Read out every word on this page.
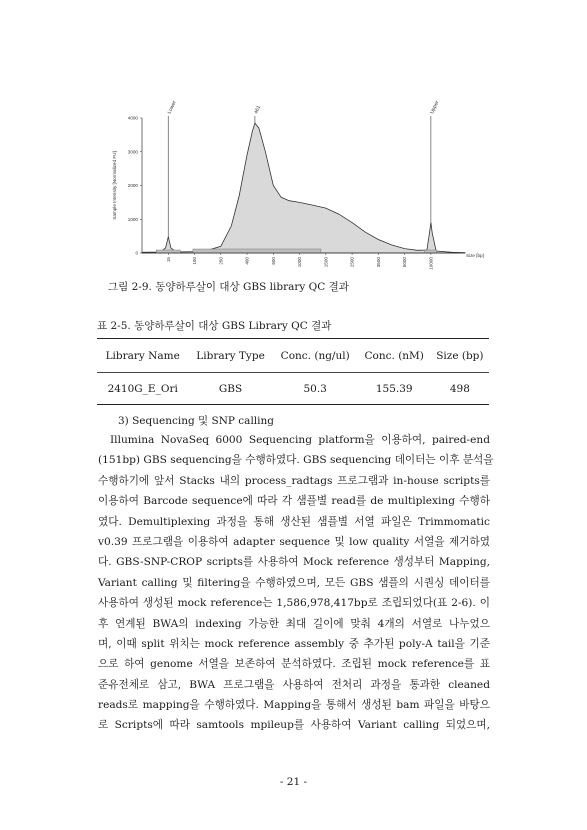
Lower	461	Upper
0
1000
2000
3000
4000
15	100	250	400	600	1000	1500	2500	3500	5000	10000
Sample Intensity [Normalized FU]
Size [bp]
그림 2-9. 동양하루살이 대상 GBS library QC 결과
표 2-5. 동양하루살이 대상 GBS Library QC 결과
Library Name	Library Type	Conc. (ng/ul)	Conc. (nM)	Size (bp)
2410G_E_Ori	GBS	50.3	155.39	498
3) Sequencing 및 SNP calling
Illumina NovaSeq 6000 Sequencing platform을 이용하여, paired-end
(151bp) GBS sequencing을 수행하였다. GBS sequencing 데이터는 이후 분석을
수행하기에 앞서 Stacks 내의 process_radtags 프로그램과 in-house scripts를
이용하여 Barcode sequence에 따라 각 샘플별 read를 de multiplexing 수행하
였다. Demultiplexing 과정을 통해 생산된 샘플별 서열 파일은 Trimmomatic
v0.39 프로그램을 이용하여 adapter sequence 및 low quality 서열을 제거하였
다. GBS-SNP-CROP scripts를 사용하여 Mock reference 생성부터 Mapping,
Variant calling 및 filtering을 수행하였으며, 모든 GBS 샘플의 시퀀싱 데이터를
사용하여 생성된 mock reference는 1,586,978,417bp로 조립되었다(표 2-6). 이
후 연계된 BWA의 indexing 가능한 최대 길이에 맞춰 4개의 서열로 나누었으
며, 이때 split 위치는 mock reference assembly 중 추가된 poly-A tail을 기준
으로 하여 genome 서열을 보존하여 분석하였다. 조립된 mock reference를 표
준유전체로 삼고, BWA 프로그램을 사용하여 전처리 과정을 통과한 cleaned
reads로 mapping을 수행하였다. Mapping을 통해서 생성된 bam 파일을 바탕으
로 Scripts에 따라 samtools mpileup를 사용하여 Variant calling 되었으며,
- 21 -
